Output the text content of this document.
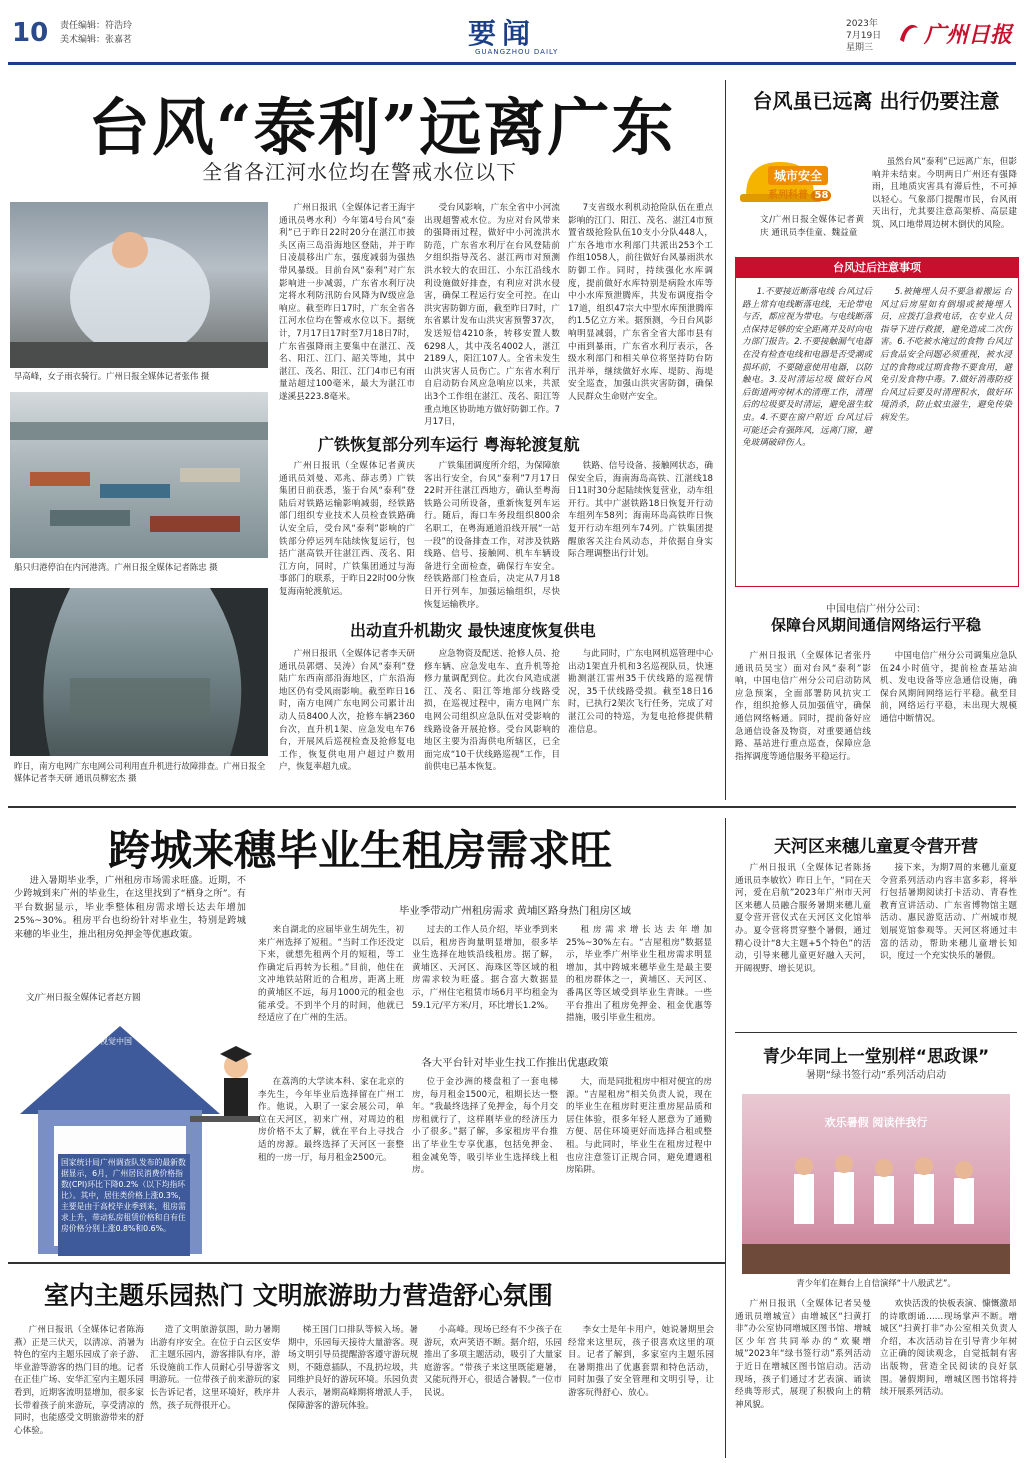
10 责任编辑：符浩玲
美术编辑：张嘉茗	要闻
GUANGZHOU DAILY
2023年
7月19日
星期三 广州日报
台风“泰利”远离广东
全省各江河水位均在警戒水位以下
早高峰，女子雨衣骑行。广州日报全媒体记者张伟 摄
船只归港停泊在内河港湾。广州日报全媒体记者陈忠 摄
昨日，南方电网广东电网公司利用直升机进行故障排查。广州日报全媒体记者李天研 通讯员柳宏杰 摄

广州日报讯（全媒体记者王海宇 通讯员粤水利）今年第4号台风“泰利”已于昨日22时20分在湛江市披头区南三岛沿海地区登陆，并于昨日凌晨移出广东，强度减弱为强热带风暴级。目前台风“泰利”对广东影响进一步减弱，广东省水利厅决定将水利防汛防台风降为Ⅳ级应急响应。截至昨日17时，广东全省各江河水位均在警戒水位以下。据统计，7月17日17时至7月18日7时，广东省强降雨主要集中在湛江、茂名、阳江、江门、韶关等地，其中湛江、茂名、阳江、江门4市已有雨量站超过100毫米，最大为湛江市遂溪县223.8毫米。

受台风影响，广东全省中小河流出现超警戒水位。为应对台风带来的强降雨过程，做好中小河流洪水防范，广东省水利厅在台风登陆前夕组织指导茂名、湛江两市对预测洪水较大的农田江、小东江沿线水利设施做好排查，有利应对洪水侵害，确保工程运行安全可控。在山洪灾害防御方面，截至昨日7时，广东省累计发布山洪灾害预警37次，发送短信4210条，转移安置人数6298人，其中茂名4002人，湛江2189人，阳江107人。全省未发生山洪灾害人员伤亡。广东省水利厅自启动防台风应急响应以来，共派出3个工作组在湛江、茂名、阳江等重点地区协助地方做好防御工作。7月17日，

7支省级水利机动抢险队伍在重点影响的江门、阳江、茂名、湛江4市预置省级抢险队伍10支小分队448人，广东各地市水利部门共派出253个工作组1058人，前往做好台风暴雨洪水防御工作。同时，持续强化水库调度，提前做好水库特别是病险水库等中小水库预泄腾库，共发布调度指令17道，组织47宗大中型水库预泄腾库约1.5亿立方米。据预测，今日台风影响明显减弱，广东省全省大部市县有中雨到暴雨，广东省水利厅表示，各级水利部门和相关单位将坚持防台防汛并举，继续做好水库、堤防、海堤安全巡查，加强山洪灾害防御，确保人民群众生命财产安全。

广铁恢复部分列车运行 粤海轮渡复航

广州日报讯（全媒体记者黄庆 通讯员刘曼、邓兆、薛志勇）广铁集团日前获悉，鉴于台风“泰利”登陆后对铁路运输影响减弱，经铁路部门组织专业技术人员检查铁路确认安全后，受台风“泰利”影响的广铁部分停运列车陆续恢复运行，包括广湛高铁开往湛江西、茂名、阳江方向，同时，广铁集团通过与海事部门的联系，于昨日22时00分恢复海南轮渡航运。

广铁集团调度所介绍，为保障旅客出行安全，台风“泰利”7月17日22时开往湛江西地方，确认至粤海铁路公司所设备，重新恢复列车运行。随后，海口车务段组织800余名职工，在粤海通道沿线开展“一站一段”的设备排查工作，对涉及铁路线路、信号、接触网、机车车辆设备进行全面检查，确保行车安全。经铁路部门检查后，决定从7月18日开行列车，加强运输组织，尽快恢复运输秩序。

铁路、信号设备、接触网状态，确保安全后，海南海岛高铁、江湛线18日11时30分起陆续恢复营业，动车组开行。其中广湛铁路18日恢复开行动车组列车58列；海南环岛高铁昨日恢复开行动车组列车74列。广铁集团提醒旅客关注台风动态，并依据自身实际合理调整出行计划。

出动直升机勘灾 最快速度恢复供电

广州日报讯（全媒体记者李天研 通讯员郭熠、吴涛）台风“泰利”登陆广东西南部沿海地区，广东沿海地区仍有受风雨影响。截至昨日16时，南方电网广东电网公司累计出动人员8400人次，抢修车辆2360台次，直升机1架、应急发电车76台，开展风后巡视检查及抢修复电工作，恢复供电用户超过户数用户，恢复率超九成。

应急物资及配送、抢修人员、抢修车辆、应急发电车、直升机等抢修力量调配到位。此次台风造成湛江、茂名、阳江等地部分线路受损，在巡视过程中，南方电网广东电网公司组织应急队伍对受影响的线路设备开展抢修。受台风影响的地区主要为沿海供电所辖区，已全面完成“10千伏线路巡视”工作，目前供电已基本恢复。

与此同时，广东电网机巡管理中心出动1架直升机和3名巡视队员，快速勘测湛江雷州35千伏线路的巡视情况，35千伏线路受损。截至18日16时，已执行2架次飞行任务，完成了对湛江公司的特巡，为复电抢修提供精准信息。

台风虽已远离 出行仍要注意
城市安全
系列科普 58

虽然台风“泰利”已远离广东，但影响并未结束。今明两日广州还有强降雨，且地质灾害具有滞后性，不可掉以轻心。气象部门提醒市民，台风雨天出行，尤其要注意高架桥、高层建筑、风口地带周边树木倒伏的风险。

文/广州日报全媒体记者黄庆 通讯员李佳童、魏益童
台风过后注意事项

1.不要接近断落电线 台风过后路上常有电线断落电线，无论带电与否，都应视为带电。与电线断落点保持足够的安全距离并及时向电力部门报告。2.不要接触漏气电器 在没有检查电线和电器是否受潮或损坏前，不要随意使用电器，以防触电。3.及时清运垃圾 做好台风后街道两旁树木的清理工作，清理后的垃圾要及时清运，避免滋生蚊虫。4.不要在窗户附近 台风过后可能还会有强阵风，远离门窗，避免玻璃破碎伤人。

5.被掩埋人员不要急着搬运 台风过后房屋如有倒塌或被掩埋人员，应拨打急救电话，在专业人员指导下进行救援，避免造成二次伤害。6.不吃被水淹过的食物 台风过后食品安全问题必须重视，被水浸过的食物或过期食物不要食用，避免引发食物中毒。7.做好消毒防疫 台风过后要及时清理积水，做好环境消杀，防止蚊虫滋生，避免传染病发生。

中国电信广州分公司：
保障台风期间通信网络运行平稳

广州日报讯（全媒体记者张丹 通讯员吴宝）面对台风“泰利”影响，中国电信广州分公司启动防风应急预案，全面部署防风抗灾工作，组织抢修人员加强值守，确保通信网络畅通。同时，提前备好应急通信设备及物资，对重要通信线路、基站进行重点巡查，保障应急指挥调度等通信服务平稳运行。

中国电信广州分公司调集应急队伍24小时值守，提前检查基站油机、发电设备等应急通信设施，确保台风期间网络运行平稳。截至目前，网络运行平稳，未出现大规模通信中断情况。

跨城来穗毕业生租房需求旺

进入暑期毕业季，广州租房市场需求旺盛。近期，不少跨城到来广州的毕业生，在这里找到了“栖身之所”。有平台数据显示，毕业季整体租房需求增长达去年增加25%~30%。租房平台也纷纷针对毕业生，特别是跨城来穗的毕业生，推出租房免押金等优惠政策。

文/广州日报全媒体记者赵方圆
@视觉中国
国家统计局广州调查队发布的最新数据显示，6月，广州居民消费价格指数(CPI)环比下降0.2%（以下均指环比）。其中，居住类价格上涨0.3%，主要是由于高校毕业季到来，租房需求上升，带动私房租赁价格和自有住房价格分别上涨0.8%和0.6%。
毕业季带动广州租房需求 黄埔区路身热门租房区域

来自湖北的应届毕业生胡先生，初来广州选择了短租。“当时工作还没定下来，就想先租两个月的短租，等工作确定后再转为长租。”目前，他住在文冲地铁站附近的合租房，距离上班的黄埔区不远，每月1000元的租金也能承受。不到半个月的时间，他就已经适应了在广州的生活。

过去的工作人员介绍，毕业季到来以后，租房咨询量明显增加，很多毕业生选择在地铁沿线租房。据了解，黄埔区、天河区、海珠区等区域的租房需求较为旺盛。据合富大数据显示，广州住宅租赁市场6月平均租金为59.1元/平方米/月，环比增长1.2%。

租房需求增长达去年增加25%~30%左右。“吉屋租房”数据显示，毕业季广州毕业生租房需求明显增加，其中跨城来穗毕业生是最主要的租房群体之一，黄埔区、天河区、番禺区等区域受到毕业生青睐。一些平台推出了租房免押金、租金优惠等措施，吸引毕业生租房。

各大平台针对毕业生找工作推出优惠政策

在荔湾的大学读本科、家在北京的李先生，今年毕业后选择留在广州工作。他说，入职了一家会展公司，单位在天河区，初来广州，对周边的租房价格不太了解，就在平台上寻找合适的房源。最终选择了天河区一套整租的一房一厅，每月租金2500元。

位于金沙洲的楼盘租了一套电梯房，每月租金1500元，租期长达一整年。“我最终选择了免押金，每个月交房租就行了，这样刚毕业的经济压力小了很多。”据了解，多家租房平台推出了毕业生专享优惠，包括免押金、租金减免等，吸引毕业生选择线上租房。

大，而是同批租房中相对便宜的房源。“吉屋租房”相关负责人说，现在的毕业生在租房时更注重房屋品质和居住体验，很多年轻人愿意为了通勤方便、居住环境更好而选择合租或整租。与此同时，毕业生在租房过程中也应注意签订正规合同，避免遭遇租房陷阱。

室内主题乐园热门 文明旅游助力营造舒心氛围

广州日报讯（全媒体记者陈海燕）正是三伏天，以清凉、消暑为特色的室内主题乐园成了亲子游、毕业游等游客的热门目的地。记者在正佳广场、安华汇室内主题乐园看到，近期客流明显增加，很多家长带着孩子前来游玩，享受清凉的同时，也能感受文明旅游带来的舒心体验。

造了文明旅游氛围，助力暑期出游有序安全。在位于白云区安华汇主题乐园内，游客排队有序，游乐设施前工作人员耐心引导游客文明游玩。一位带孩子前来游玩的家长告诉记者，这里环境好，秩序井然，孩子玩得很开心。

梯王国门口排队等候入场。暑期中，乐园每天接待大量游客。现场文明引导员提醒游客遵守游玩规则，不随意插队，不乱扔垃圾，共同维护良好的游玩环境。乐园负责人表示，暑期高峰期将增派人手，保障游客的游玩体验。

小高峰。现场已经有不少孩子在游玩，欢声笑语不断。据介绍，乐园推出了多项主题活动，吸引了大量家庭游客。“带孩子来这里既能避暑，又能玩得开心，很适合暑假。”一位市民说。

李女士是年卡用户，她说暑期里会经常来这里玩，孩子很喜欢这里的项目。记者了解到，多家室内主题乐园在暑期推出了优惠套票和特色活动，同时加强了安全管理和文明引导，让游客玩得舒心、放心。

天河区来穗儿童夏令营开营

广州日报讯（全媒体记者陈扬 通讯员李敏钦）昨日上午，“同在天河，爱在启航”2023年广州市天河区来穗人员融合服务暑期来穗儿童夏令营开营仪式在天河区文化馆举办。夏令营将贯穿整个暑假，通过精心设计“8大主题+5个特色”的活动，引导来穗儿童更好融入天河，开阔视野、增长见识。

接下来，为期7周的来穗儿童夏令营系列活动内容丰富多彩，将举行包括暑期阅读打卡活动、青春性教育宣讲活动、广东省博物馆主题活动、惠民游览活动、广州城市规划展览馆参观等。天河区将通过丰富的活动，帮助来穗儿童增长知识，度过一个充实快乐的暑假。

青少年同上一堂别样“思政课”
暑期“绿书签行动”系列活动启动
欢乐暑假 阅读伴我行
青少年们在舞台上自信演绎“十八般武艺”。

广州日报讯（全媒体记者吴曼 通讯员增城宣）由增城区“扫黄打非”办公室协同增城区图书馆、增城区少年宫共同举办的“欢聚增城”2023年“绿书签行动”系列活动于近日在增城区图书馆启动。活动现场，孩子们通过才艺表演、诵读经典等形式，展现了积极向上的精神风貌。

欢快活泼的快板表演、慷慨激昂的诗歌朗诵……现场掌声不断。增城区“扫黄打非”办公室相关负责人介绍，本次活动旨在引导青少年树立正确的阅读观念，自觉抵制有害出版物，营造全民阅读的良好氛围。暑假期间，增城区图书馆将持续开展系列活动。
